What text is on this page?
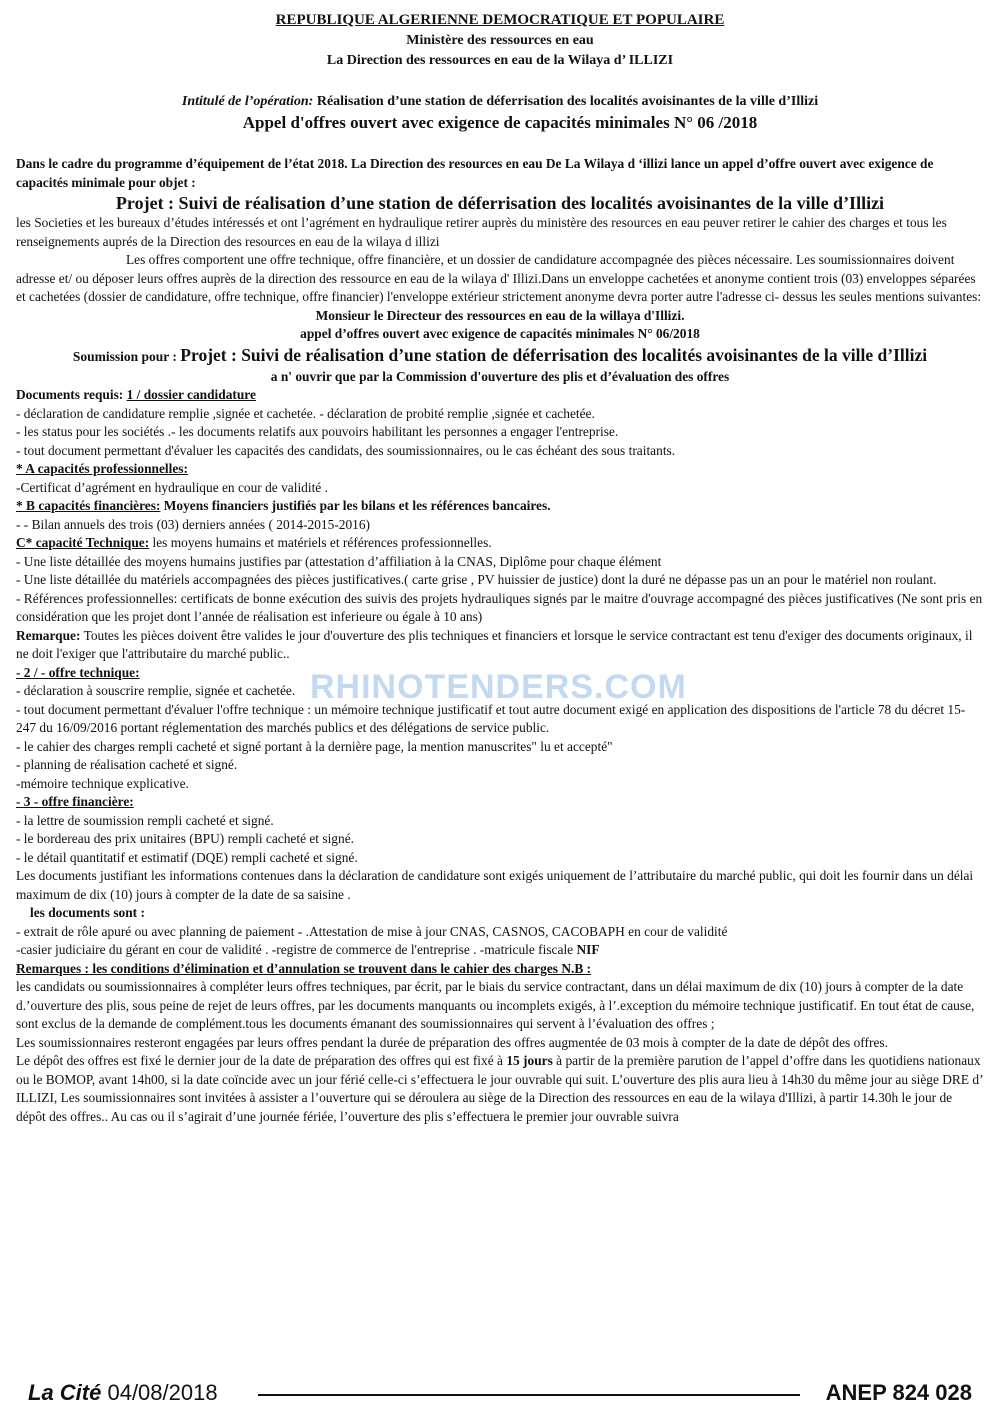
REPUBLIQUE ALGERIENNE DEMOCRATIQUE ET POPULAIRE
Ministère des ressources en eau
La Direction des ressources en eau de la Wilaya d’ ILLIZI
Intitulé de l’opération: Réalisation d’une station de déferrisation des localités avoisinantes de la ville d’Illizi
Appel d'offres ouvert avec exigence de capacités minimales N° 06 /2018

Dans le cadre du programme d’équipement de l’état 2018. La Direction des resources en eau De La Wilaya d ‘illizi lance un appel d’offre ouvert avec exigence de capacités minimale pour objet :

Projet : Suivi de réalisation d’une station de déferrisation des localités avoisinantes de la ville d’Illizi

les Societies et les bureaux d’études intéressés et ont l’agrément en hydraulique retirer auprès du ministère des resources en eau peuver retirer le cahier des charges et tous les renseignements auprés de la Direction des resources en eau de la wilaya d illizi

Les offres comportent une offre technique, offre financière, et un dossier de candidature accompagnée des pièces nécessaire. Les soumissionnaires doivent adresse et/ ou déposer leurs offres auprès de la direction des ressource en eau de la wilaya d' Illizi.Dans un enveloppe cachetées et anonyme contient trois (03) enveloppes séparées et cachetées (dossier de candidature, offre technique, offre financier) l'enveloppe extérieur strictement anonyme devra porter autre l'adresse ci- dessus les seules mentions suivantes:

Monsieur le Directeur des ressources en eau de la willaya d'Illizi.

appel d’offres ouvert avec exigence de capacités minimales N° 06/2018

Soumission pour : Projet : Suivi de réalisation d’une station de déferrisation des localités avoisinantes de la ville d’Illizi

a n' ouvrir que par la Commission d'ouverture des plis et d’évaluation des offres

Documents requis: 1 / dossier candidature

- déclaration de candidature remplie ,signée et cachetée. - déclaration de probité remplie ,signée et cachetée.

- les status pour les sociétés .- les documents relatifs aux pouvoirs habilitant les personnes a engager l'entreprise.

- tout document permettant d'évaluer les capacités des candidats, des soumissionnaires, ou le cas échéant des sous traitants.

* A capacités professionnelles:

-Certificat d’agrément en hydraulique en cour de validité .

* B capacités financières: Moyens financiers justifiés par les bilans et les références bancaires.

- - Bilan annuels des trois (03) derniers années ( 2014-2015-2016)

C* capacité Technique: les moyens humains et matériels et références professionnelles.

- Une liste détaillée des moyens humains justifies par (attestation d’affiliation à la CNAS, Diplôme pour chaque élément

- Une liste détaillée du matériels accompagnées des pièces justificatives.( carte grise , PV huissier de justice) dont la duré ne dépasse pas un an pour le matériel non roulant.

- Références professionnelles: certificats de bonne exécution des suivis des projets hydrauliques signés par le maitre d'ouvrage accompagné des pièces justificatives (Ne sont pris en considération que les projet dont l’année de réalisation est inferieure ou égale à 10 ans)

Remarque: Toutes les pièces doivent être valides le jour d'ouverture des plis techniques et financiers et lorsque le service contractant est tenu d'exiger des documents originaux, il ne doit l'exiger que l'attributaire du marché public..

- 2 / - offre technique:

- déclaration à souscrire remplie, signée et cachetée.

- tout document permettant d'évaluer l'offre technique : un mémoire technique justificatif et tout autre document exigé en application des dispositions de l'article 78 du décret 15-247 du 16/09/2016 portant réglementation des marchés publics et des délégations de service public.

- le cahier des charges rempli cacheté et signé portant à la dernière page, la mention manuscrites" lu et accepté"

- planning de réalisation cacheté et signé.

-mémoire technique explicative.

- 3 - offre financière:

- la lettre de soumission rempli cacheté et signé.

- le bordereau des prix unitaires (BPU) rempli cacheté et signé.

- le détail quantitatif et estimatif (DQE) rempli cacheté et signé.

Les documents justifiant les informations contenues dans la déclaration de candidature sont exigés uniquement de l’attributaire du marché public, qui doit les fournir dans un délai maximum de dix (10) jours à compter de la date de sa saisine .

les documents sont :

- extrait de rôle apuré ou avec planning de paiement - .Attestation de mise à jour CNAS, CASNOS, CACOBAPH en cour de validité

-casier judiciaire du gérant en cour de validité . -registre de commerce de l'entreprise . -matricule fiscale NIF

Remarques : les conditions d’élimination et d’annulation se trouvent dans le cahier des charges N.B :

les candidats ou soumissionnaires à compléter leurs offres techniques, par écrit, par le biais du service contractant, dans un délai maximum de dix (10) jours à compter de la date d.’ouverture des plis, sous peine de rejet de leurs offres, par les documents manquants ou incomplets exigés, à l’.exception du mémoire technique justificatif. En tout état de cause, sont exclus de la demande de complément.tous les documents émanant des soumissionnaires qui servent à l’évaluation des offres ;

Les soumissionnaires resteront engagées par leurs offres pendant la durée de préparation des offres augmentée de 03 mois à compter de la date de dépôt des offres.

Le dépôt des offres est fixé le dernier jour de la date de préparation des offres qui est fixé à 15 jours à partir de la première parution de l’appel d’offre dans les quotidiens nationaux ou le BOMOP, avant 14h00, si la date coïncide avec un jour férié celle-ci s’effectuera le jour ouvrable qui suit. L’ouverture des plis aura lieu à 14h30 du même jour au siège DRE d’ ILLIZI, Les soumissionnaires sont invitées à assister a l’ouverture qui se déroulera au siège de la Direction des ressources en eau de la wilaya d'Illizi, à partir 14.30h le jour de dépôt des offres.. Au cas ou il s’agirait d’une journée fériée, l’ouverture des plis s’effectuera le premier jour ouvrable suivra

RHINOTENDERS.COM
La Cité 04/08/2018	ANEP 824 028
